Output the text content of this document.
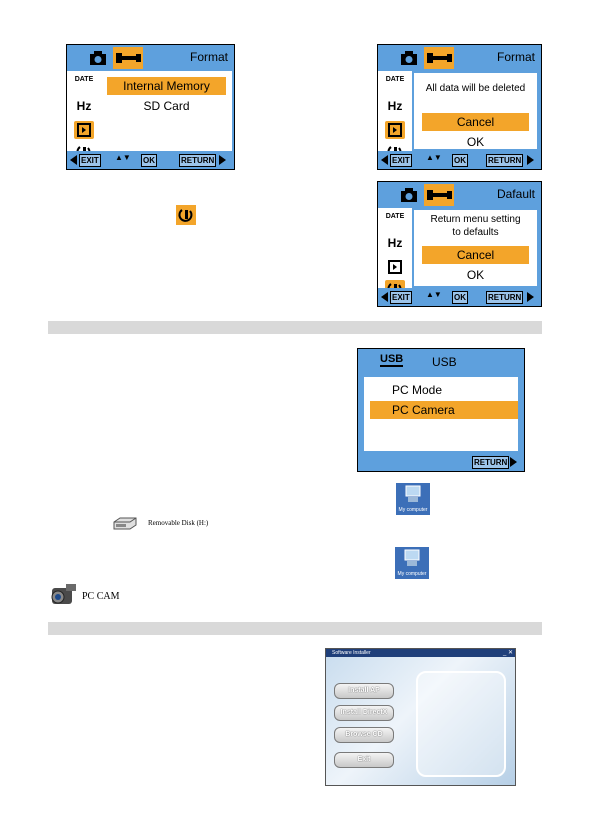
Format
DATE
Hz
Internal Memory
SD Card
EXIT ▲▼ OK	RETURN
Format
DATE
Hz
All data will be deleted
Cancel
OK
EXIT ▲▼ OK	RETURN
Dafault
DATE
Hz
Return menu setting
to defaults
Cancel
OK
EXIT ▲▼ OK	RETURN
USB USB
PC Mode
PC Camera
RETURN
My computer
Removable Disk (H:)
My computer
PC CAM
Software Installer	_ ✕
Install AP
Install DirectX
Browse CD
Exit
